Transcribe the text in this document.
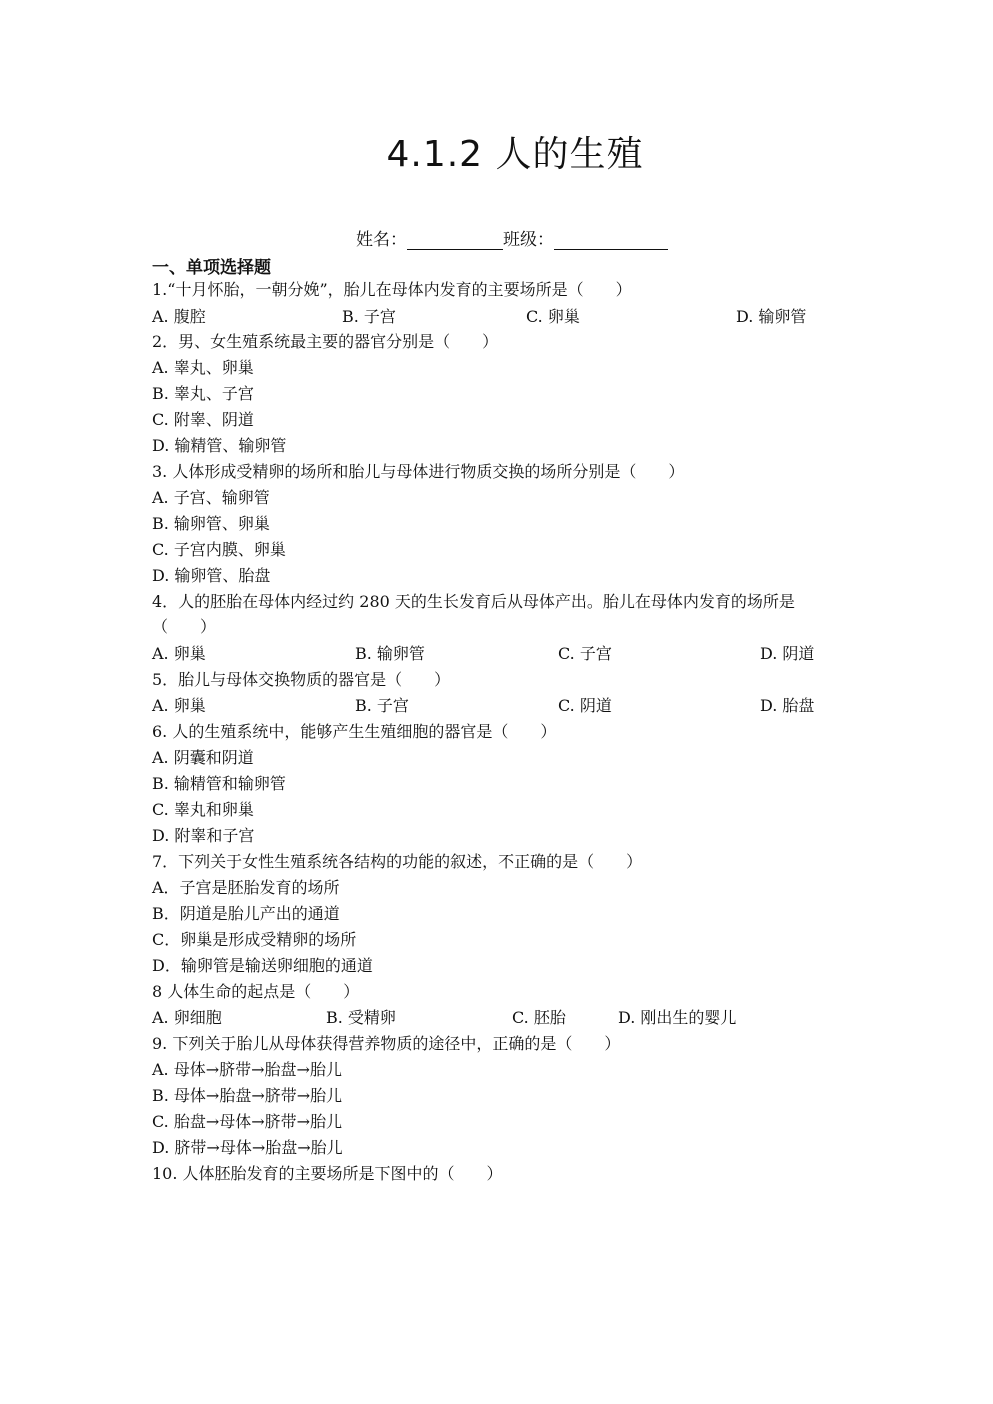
4.1.2 人的生殖
姓名：	班级：
一、单项选择题
1.“十月怀胎，一朝分娩”，胎儿在母体内发育的主要场所是（　　）
A. 腹腔	B. 子宫	C. 卵巢	D. 输卵管
2．男、女生殖系统最主要的器官分别是（　　）
A. 睾丸、卵巢
B. 睾丸、子宫
C. 附睾、阴道
D. 输精管、输卵管
3. 人体形成受精卵的场所和胎儿与母体进行物质交换的场所分别是（　　）
A. 子宫、输卵管
B. 输卵管、卵巢
C. 子宫内膜、卵巢
D. 输卵管、胎盘
4．人的胚胎在母体内经过约 280 天的生长发育后从母体产出。胎儿在母体内发育的场所是
（　　）
A. 卵巢	B. 输卵管	C. 子宫	D. 阴道
5．胎儿与母体交换物质的器官是（　　）
A. 卵巢	B. 子宫	C. 阴道	D. 胎盘
6. 人的生殖系统中，能够产生生殖细胞的器官是（　　）
A. 阴囊和阴道
B. 输精管和输卵管
C. 睾丸和卵巢
D. 附睾和子宫
7．下列关于女性生殖系统各结构的功能的叙述，不正确的是（　　）
A．子宫是胚胎发育的场所
B．阴道是胎儿产出的通道
C．卵巢是形成受精卵的场所
D．输卵管是输送卵细胞的通道
8 人体生命的起点是（　　）
A. 卵细胞	B. 受精卵	C. 胚胎	D. 刚出生的婴儿
9. 下列关于胎儿从母体获得营养物质的途径中，正确的是（　　）
A. 母体→脐带→胎盘→胎儿
B. 母体→胎盘→脐带→胎儿
C. 胎盘→母体→脐带→胎儿
D. 脐带→母体→胎盘→胎儿
10. 人体胚胎发育的主要场所是下图中的（　　）
